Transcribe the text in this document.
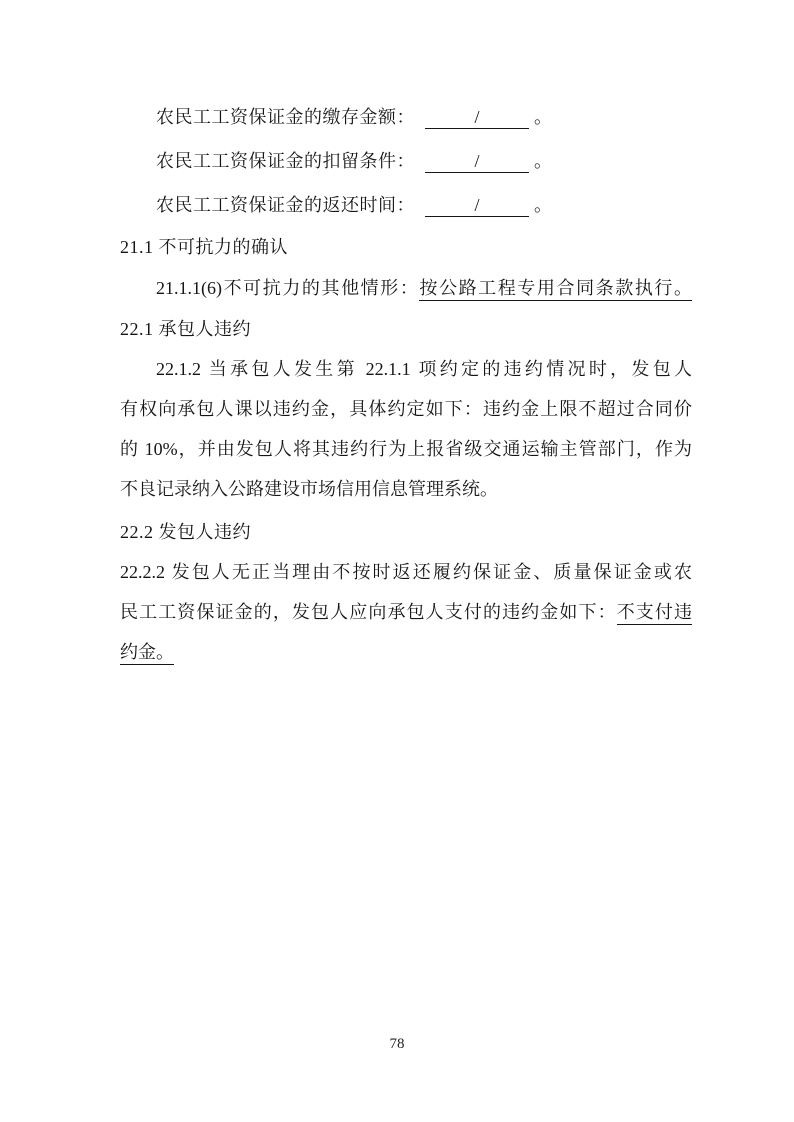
农民工工资保证金的缴存金额：	/	。

农民工工资保证金的扣留条件：	/	。

农民工工资保证金的返还时间：	/	。

21.1 不可抗力的确认

21.1.1(6)不可抗力的其他情形：按公路工程专用合同条款执行。

22.1 承包人违约
22.1.2 当承包人发生第 22.1.1 项约定的违约情况时，发包人
有权向承包人课以违约金，具体约定如下：违约金上限不超过合同价
的 10%，并由发包人将其违约行为上报省级交通运输主管部门，作为
不良记录纳入公路建设市场信用信息管理系统。
22.2 发包人违约
22.2.2 发包人无正当理由不按时返还履约保证金、质量保证金或农
民工工资保证金的，发包人应向承包人支付的违约金如下：不支付违
约金。
78
